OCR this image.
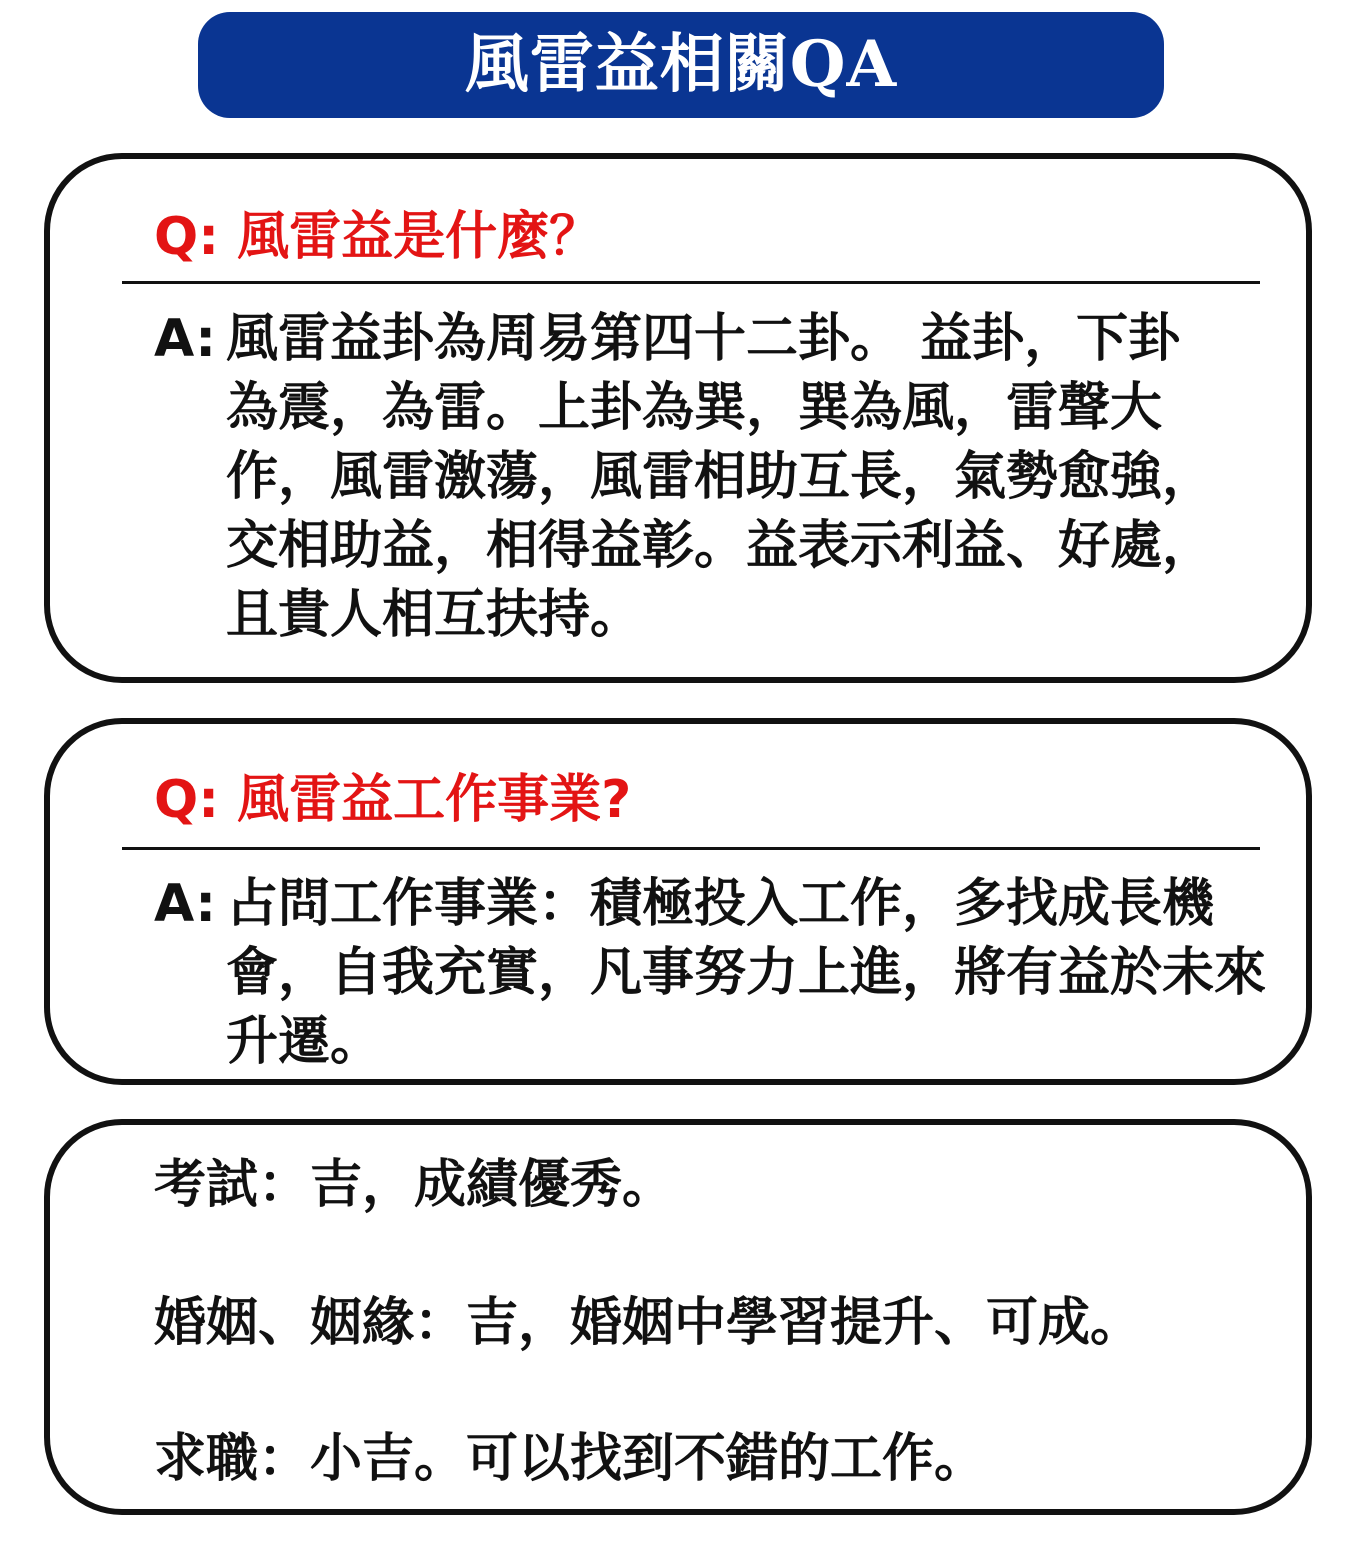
風雷益相關QA
Q: 風雷益是什麼？
A: 風雷益卦為周易第四十二卦。 益卦，下卦為震，為雷。上卦為巽，巽為風，雷聲大作，風雷激蕩，風雷相助互長，氣勢愈強，交相助益，相得益彰。益表示利益、好處，且貴人相互扶持。
Q: 風雷益工作事業?
A: 占問工作事業：積極投入工作，多找成長機會，自我充實，凡事努力上進，將有益於未來升遷。
考試：吉，成績優秀。
婚姻、姻緣：吉，婚姻中學習提升、可成。
求職：小吉。可以找到不錯的工作。
